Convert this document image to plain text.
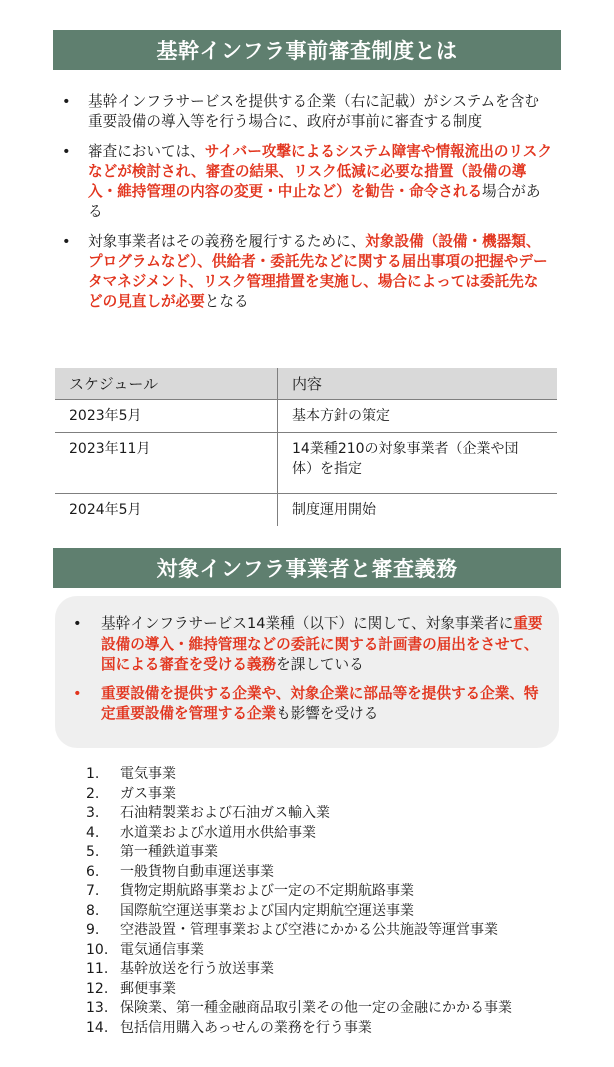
基幹インフラ事前審査制度とは
• 基幹インフラサービスを提供する企業（右に記載）がシステムを含む重要設備の導入等を行う場合に、政府が事前に審査する制度
• 審査においては、サイバー攻撃によるシステム障害や情報流出のリスクなどが検討され、審査の結果、リスク低減に必要な措置（設備の導入・維持管理の内容の変更・中止など）を勧告・命令される場合がある
• 対象事業者はその義務を履行するために、対象設備（設備・機器類、プログラムなど）、供給者・委託先などに関する届出事項の把握やデータマネジメント、リスク管理措置を実施し、場合によっては委託先などの見直しが必要となる
スケジュール	内容
2023年5月	基本方針の策定
2023年11月	14業種210の対象事業者（企業や団体）を指定
2024年5月	制度運用開始
対象インフラ事業者と審査義務
• 基幹インフラサービス14業種（以下）に関して、対象事業者に重要設備の導入・維持管理などの委託に関する計画書の届出をさせて、国による審査を受ける義務を課している
• 重要設備を提供する企業や、対象企業に部品等を提供する企業、特定重要設備を管理する企業も影響を受ける
1.	電気事業
2.	ガス事業
3.	石油精製業および石油ガス輸入業
4.	水道業および水道用水供給事業
5.	第一種鉄道事業
6.	一般貨物自動車運送事業
7.	貨物定期航路事業および一定の不定期航路事業
8.	国際航空運送事業および国内定期航空運送事業
9.	空港設置・管理事業および空港にかかる公共施設等運営事業
10. 電気通信事業
11. 基幹放送を行う放送事業
12. 郵便事業
13. 保険業、第一種金融商品取引業その他一定の金融にかかる事業
14. 包括信用購入あっせんの業務を行う事業
